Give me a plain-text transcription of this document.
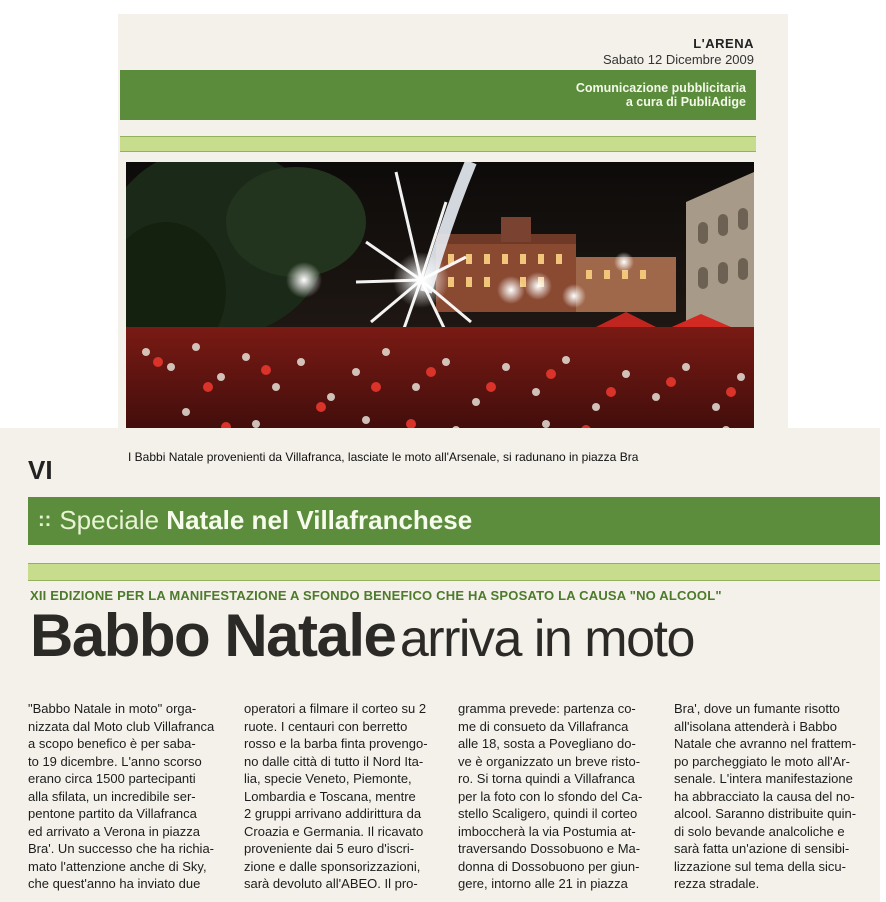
L'ARENA
Sabato 12 Dicembre 2009
Comunicazione pubblicitaria
a cura di PubliAdige
I Babbi Natale provenienti da Villafranca, lasciate le moto all'Arsenale, si radunano in piazza Bra
VI
:: Speciale Natale nel Villafranchese
XII EDIZIONE PER LA MANIFESTAZIONE A SFONDO BENEFICO CHE HA SPOSATO LA CAUSA "NO ALCOOL"
Babbo Natale arriva in moto
"Babbo Natale in moto" orga-
nizzata dal Moto club Villafranca
a scopo benefico è per saba-
to 19 dicembre. L'anno scorso
erano circa 1500 partecipanti
alla sfilata, un incredibile ser-
pentone partito da Villafranca
ed arrivato a Verona in piazza
Bra'. Un successo che ha richia-
mato l'attenzione anche di Sky,
che quest'anno ha inviato due
operatori a filmare il corteo su 2
ruote. I centauri con berretto
rosso e la barba finta provengo-
no dalle città di tutto il Nord Ita-
lia, specie Veneto, Piemonte,
Lombardia e Toscana, mentre
2 gruppi arrivano addirittura da
Croazia e Germania. Il ricavato
proveniente dai 5 euro d'iscri-
zione e dalle sponsorizzazioni,
sarà devoluto all'ABEO. Il pro-
gramma prevede: partenza co-
me di consueto da Villafranca
alle 18, sosta a Povegliano do-
ve è organizzato un breve risto-
ro. Si torna quindi a Villafranca
per la foto con lo sfondo del Ca-
stello Scaligero, quindi il corteo
imboccherà la via Postumia at-
traversando Dossobuono e Ma-
donna di Dossobuono per giun-
gere, intorno alle 21 in piazza
Bra', dove un fumante risotto
all'isolana attenderà i Babbo
Natale che avranno nel frattem-
po parcheggiato le moto all'Ar-
senale. L'intera manifestazione
ha abbracciato la causa del no-
alcool. Saranno distribuite quin-
di solo bevande analcoliche e
sarà fatta un'azione di sensibi-
lizzazione sul tema della sicu-
rezza stradale.
